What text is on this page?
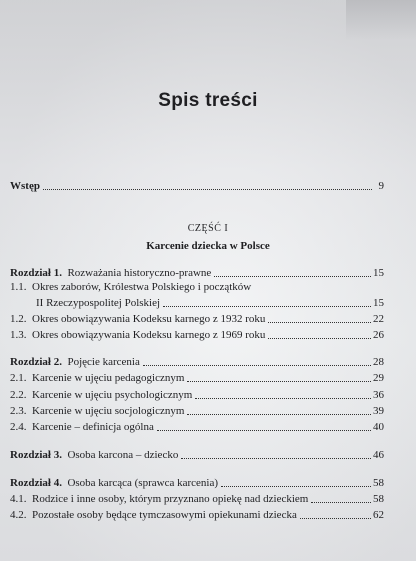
Spis treści
Wstęp	9
CZĘŚĆ I
Karcenie dziecka w Polsce
Rozdział 1. Rozważania historyczno-prawne	15
1.1. Okres zaborów, Królestwa Polskiego i początków
II Rzeczypospolitej Polskiej	15
1.2. Okres obowiązywania Kodeksu karnego z 1932 roku	22
1.3. Okres obowiązywania Kodeksu karnego z 1969 roku	26
Rozdział 2. Pojęcie karcenia	28
2.1. Karcenie w ujęciu pedagogicznym	29
2.2. Karcenie w ujęciu psychologicznym	36
2.3. Karcenie w ujęciu socjologicznym	39
2.4. Karcenie – definicja ogólna	40
Rozdział 3. Osoba karcona – dziecko	46
Rozdział 4. Osoba karcąca (sprawca karcenia)	58
4.1. Rodzice i inne osoby, którym przyznano opiekę nad dzieckiem	58
4.2. Pozostałe osoby będące tymczasowymi opiekunami dziecka	62
